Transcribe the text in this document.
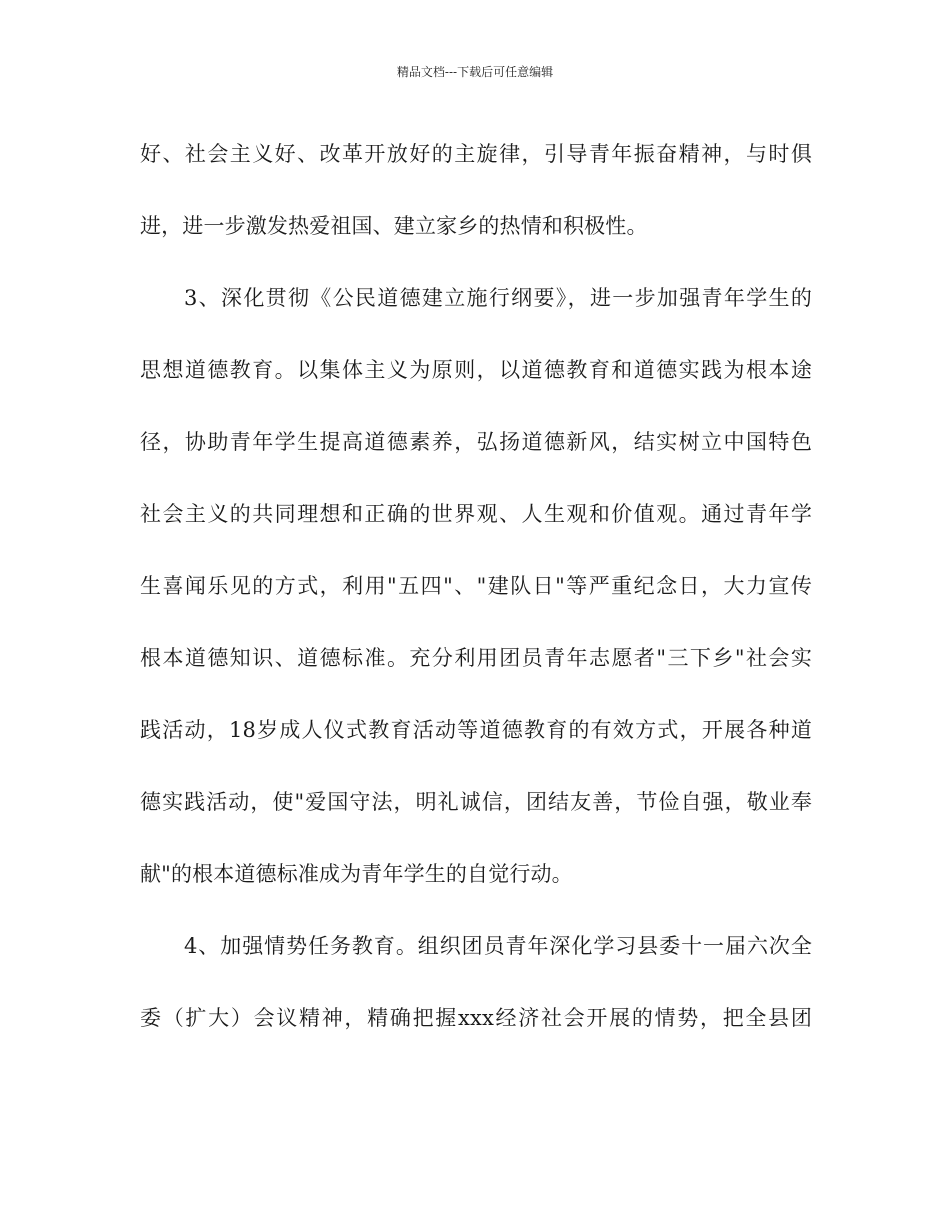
精品文档---下载后可任意编辑
好、社会主义好、改革开放好的主旋律，引导青年振奋精神，与时俱
进，进一步激发热爱祖国、建立家乡的热情和积极性。
3、深化贯彻《公民道德建立施行纲要》，进一步加强青年学生的
思想道德教育。以集体主义为原则，以道德教育和道德实践为根本途
径，协助青年学生提高道德素养，弘扬道德新风，结实树立中国特色
社会主义的共同理想和正确的世界观、人生观和价值观。通过青年学
生喜闻乐见的方式，利用"五四"、"建队日"等严重纪念日，大力宣传
根本道德知识、道德标准。充分利用团员青年志愿者"三下乡"社会实
践活动，18岁成人仪式教育活动等道德教育的有效方式，开展各种道
德实践活动，使"爱国守法，明礼诚信，团结友善，节俭自强，敬业奉
献"的根本道德标准成为青年学生的自觉行动。
4、加强情势任务教育。组织团员青年深化学习县委十一届六次全
委（扩大）会议精神，精确把握xxx经济社会开展的情势，把全县团
